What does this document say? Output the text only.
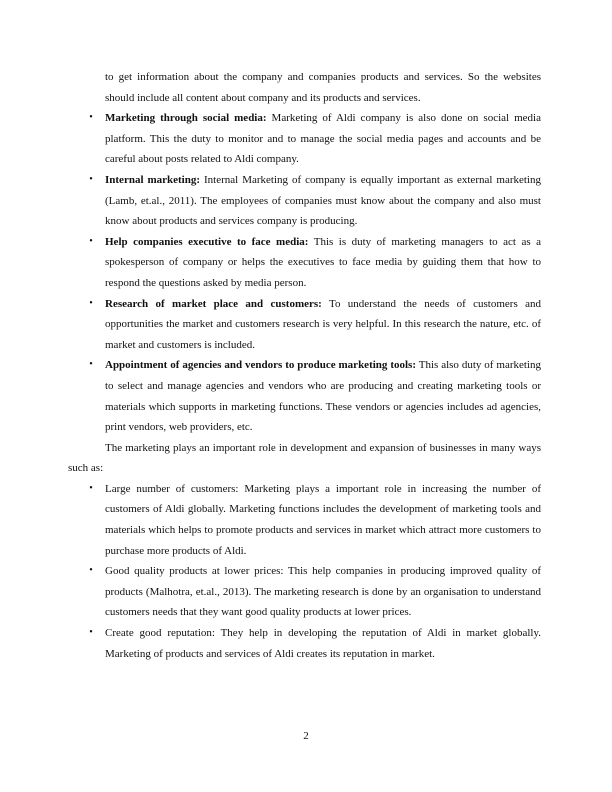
to get information about the company and companies products and services. So the websites should include all content about company and its products and services.

• Marketing through social media: Marketing of Aldi company is also done on social media platform. This the duty to monitor and to manage the social media pages and accounts and be careful about posts related to Aldi company.
• Internal marketing: Internal Marketing of company is equally important as external marketing (Lamb, et.al., 2011). The employees of companies must know about the company and also must know about products and services company is producing.
• Help companies executive to face media: This is duty of marketing managers to act as a spokesperson of company or helps the executives to face media by guiding them that how to respond the questions asked by media person.
• Research of market place and customers: To understand the needs of customers and opportunities the market and customers research is very helpful. In this research the nature, etc. of market and customers is included.
• Appointment of agencies and vendors to produce marketing tools: This also duty of marketing to select and manage agencies and vendors who are producing and creating marketing tools or materials which supports in marketing functions. These vendors or agencies includes ad agencies, print vendors, web providers, etc.

The marketing plays an important role in development and expansion of businesses in many ways such as:

• Large number of customers: Marketing plays a important role in increasing the number of customers of Aldi globally. Marketing functions includes the development of marketing tools and materials which helps to promote products and services in market which attract more customers to purchase more products of Aldi.
• Good quality products at lower prices: This help companies in producing improved quality of products (Malhotra, et.al., 2013). The marketing research is done by an organisation to understand customers needs that they want good quality products at lower prices.
• Create good reputation: They help in developing the reputation of Aldi in market globally. Marketing of products and services of Aldi creates its reputation in market.
2
